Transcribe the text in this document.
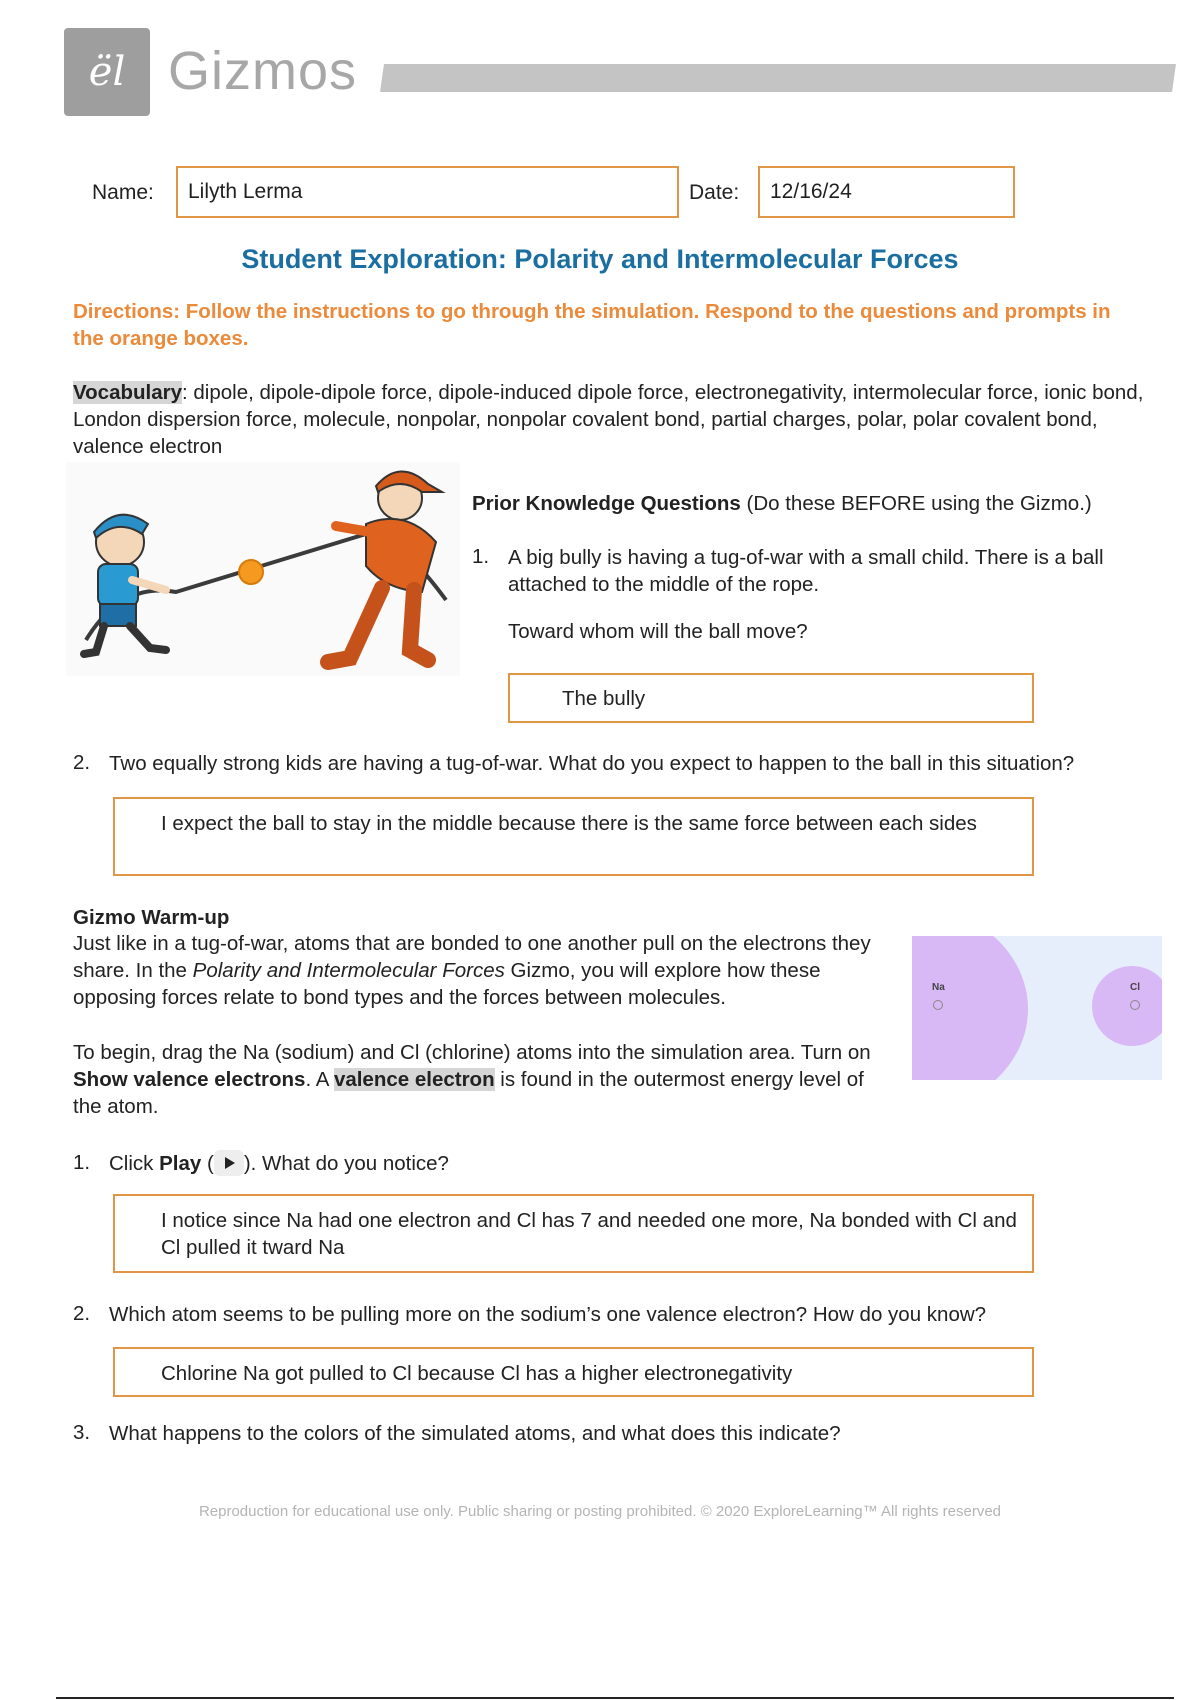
ël Gizmos
Name: Lilyth Lerma	Date: 12/16/24
Student Exploration: Polarity and Intermolecular Forces
Directions: Follow the instructions to go through the simulation. Respond to the questions and prompts in the orange boxes.
Vocabulary: dipole, dipole-dipole force, dipole-induced dipole force, electronegativity, intermolecular force, ionic bond, London dispersion force, molecule, nonpolar, nonpolar covalent bond, partial charges, polar, polar covalent bond, valence electron
Prior Knowledge Questions (Do these BEFORE using the Gizmo.)
1. A big bully is having a tug-of-war with a small child. There is a ball attached to the middle of the rope.
Toward whom will the ball move?
The bully
2. Two equally strong kids are having a tug-of-war. What do you expect to happen to the ball in this situation?
I expect the ball to stay in the middle because there is the same force between each sides
Gizmo Warm-up
Just like in a tug-of-war, atoms that are bonded to one another pull on the electrons they share. In the Polarity and Intermolecular Forces Gizmo, you will explore how these opposing forces relate to bond types and the forces between molecules.
To begin, drag the Na (sodium) and Cl (chlorine) atoms into the simulation area. Turn on Show valence electrons. A valence electron is found in the outermost energy level of the atom.
Na	Cl
1. Click Play ( ). What do you notice?
I notice since Na had one electron and Cl has 7 and needed one more, Na bonded with Cl and Cl pulled it tward Na
2. Which atom seems to be pulling more on the sodium’s one valence electron? How do you know?
Chlorine Na got pulled to Cl because Cl has a higher electronegativity
3. What happens to the colors of the simulated atoms, and what does this indicate?
Reproduction for educational use only. Public sharing or posting prohibited. © 2020 ExploreLearning™ All rights reserved
